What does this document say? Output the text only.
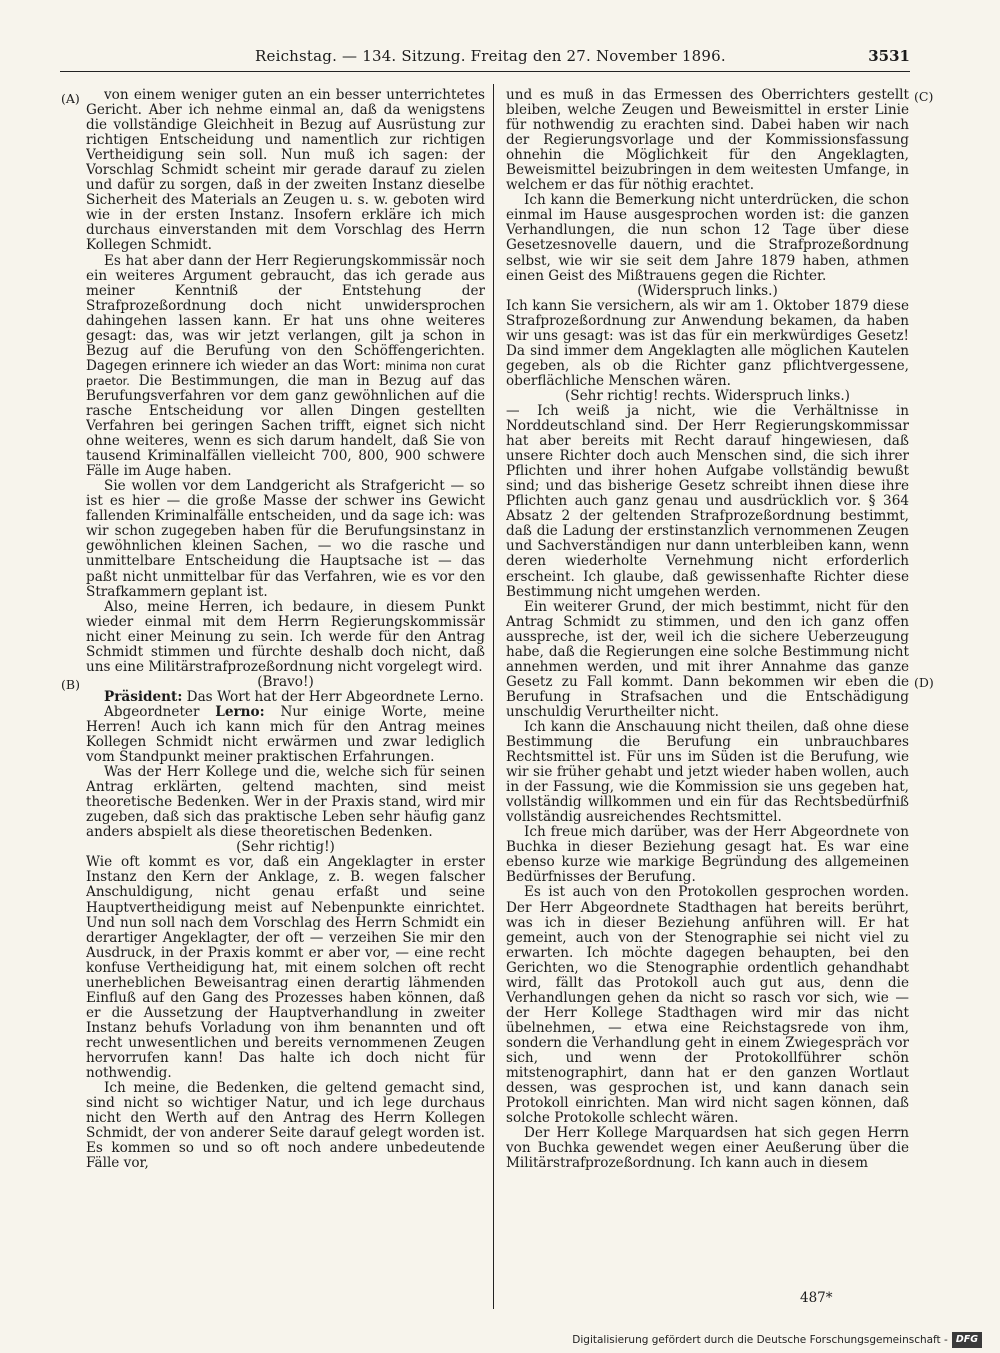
Reichstag. — 134. Sitzung. Freitag den 27. November 1896.	3531
(A)
(B)
(C)
(D)

von einem weniger guten an ein besser unterrichtetes Gericht. Aber ich nehme einmal an, daß da wenigstens die vollständige Gleichheit in Bezug auf Ausrüstung zur richtigen Entscheidung und namentlich zur richtigen Vertheidigung sein soll. Nun muß ich sagen: der Vorschlag Schmidt scheint mir gerade darauf zu zielen und dafür zu sorgen, daß in der zweiten Instanz dieselbe Sicherheit des Materials an Zeugen u. s. w. geboten wird wie in der ersten Instanz. Insofern erkläre ich mich durchaus einverstanden mit dem Vorschlag des Herrn Kollegen Schmidt.

Es hat aber dann der Herr Regierungskommissär noch ein weiteres Argument gebraucht, das ich gerade aus meiner Kenntniß der Entstehung der Strafprozeßordnung doch nicht unwidersprochen dahingehen lassen kann. Er hat uns ohne weiteres gesagt: das, was wir jetzt verlangen, gilt ja schon in Bezug auf die Berufung von den Schöffengerichten. Dagegen erinnere ich wieder an das Wort: minima non curat praetor. Die Bestimmungen, die man in Bezug auf das Berufungsverfahren vor dem ganz gewöhnlichen auf die rasche Entscheidung vor allen Dingen gestellten Verfahren bei geringen Sachen trifft, eignet sich nicht ohne weiteres, wenn es sich darum handelt, daß Sie von tausend Kriminalfällen vielleicht 700, 800, 900 schwere Fälle im Auge haben.

Sie wollen vor dem Landgericht als Strafgericht — so ist es hier — die große Masse der schwer ins Gewicht fallenden Kriminalfälle entscheiden, und da sage ich: was wir schon zugegeben haben für die Berufungsinstanz in gewöhnlichen kleinen Sachen, — wo die rasche und unmittelbare Entscheidung die Hauptsache ist — das paßt nicht unmittelbar für das Verfahren, wie es vor den Strafkammern geplant ist.

Also, meine Herren, ich bedaure, in diesem Punkt wieder einmal mit dem Herrn Regierungskommissär nicht einer Meinung zu sein. Ich werde für den Antrag Schmidt stimmen und fürchte deshalb doch nicht, daß uns eine Militärstrafprozeßordnung nicht vorgelegt wird.

(Bravo!)

Präsident: Das Wort hat der Herr Abgeordnete Lerno.

Abgeordneter Lerno: Nur einige Worte, meine Herren! Auch ich kann mich für den Antrag meines Kollegen Schmidt nicht erwärmen und zwar lediglich vom Standpunkt meiner praktischen Erfahrungen.

Was der Herr Kollege und die, welche sich für seinen Antrag erklärten, geltend machten, sind meist theoretische Bedenken. Wer in der Praxis stand, wird mir zugeben, daß sich das praktische Leben sehr häufig ganz anders abspielt als diese theoretischen Bedenken.

(Sehr richtig!)

Wie oft kommt es vor, daß ein Angeklagter in erster Instanz den Kern der Anklage, z. B. wegen falscher Anschuldigung, nicht genau erfaßt und seine Hauptvertheidigung meist auf Nebenpunkte einrichtet. Und nun soll nach dem Vorschlag des Herrn Schmidt ein derartiger Angeklagter, der oft — verzeihen Sie mir den Ausdruck, in der Praxis kommt er aber vor, — eine recht konfuse Vertheidigung hat, mit einem solchen oft recht unerheblichen Beweisantrag einen derartig lähmenden Einfluß auf den Gang des Prozesses haben können, daß er die Aussetzung der Hauptverhandlung in zweiter Instanz behufs Vorladung von ihm benannten und oft recht unwesentlichen und bereits vernommenen Zeugen hervorrufen kann! Das halte ich doch nicht für nothwendig.

Ich meine, die Bedenken, die geltend gemacht sind, sind nicht so wichtiger Natur, und ich lege durchaus nicht den Werth auf den Antrag des Herrn Kollegen Schmidt, der von anderer Seite darauf gelegt worden ist. Es kommen so und so oft noch andere unbedeutende Fälle vor,

und es muß in das Ermessen des Oberrichters gestellt bleiben, welche Zeugen und Beweismittel in erster Linie für nothwendig zu erachten sind. Dabei haben wir nach der Regierungsvorlage und der Kommissionsfassung ohnehin die Möglichkeit für den Angeklagten, Beweismittel beizubringen in dem weitesten Umfange, in welchem er das für nöthig erachtet.

Ich kann die Bemerkung nicht unterdrücken, die schon einmal im Hause ausgesprochen worden ist: die ganzen Verhandlungen, die nun schon 12 Tage über diese Gesetzesnovelle dauern, und die Strafprozeßordnung selbst, wie wir sie seit dem Jahre 1879 haben, athmen einen Geist des Mißtrauens gegen die Richter.

(Widerspruch links.)

Ich kann Sie versichern, als wir am 1. Oktober 1879 diese Strafprozeßordnung zur Anwendung bekamen, da haben wir uns gesagt: was ist das für ein merkwürdiges Gesetz! Da sind immer dem Angeklagten alle möglichen Kautelen gegeben, als ob die Richter ganz pflichtvergessene, oberflächliche Menschen wären.

(Sehr richtig! rechts. Widerspruch links.)

— Ich weiß ja nicht, wie die Verhältnisse in Norddeutschland sind. Der Herr Regierungskommissar hat aber bereits mit Recht darauf hingewiesen, daß unsere Richter doch auch Menschen sind, die sich ihrer Pflichten und ihrer hohen Aufgabe vollständig bewußt sind; und das bisherige Gesetz schreibt ihnen diese ihre Pflichten auch ganz genau und ausdrücklich vor. § 364 Absatz 2 der geltenden Strafprozeßordnung bestimmt, daß die Ladung der erstinstanzlich vernommenen Zeugen und Sachverständigen nur dann unterbleiben kann, wenn deren wiederholte Vernehmung nicht erforderlich erscheint. Ich glaube, daß gewissenhafte Richter diese Bestimmung nicht umgehen werden.

Ein weiterer Grund, der mich bestimmt, nicht für den Antrag Schmidt zu stimmen, und den ich ganz offen ausspreche, ist der, weil ich die sichere Ueberzeugung habe, daß die Regierungen eine solche Bestimmung nicht annehmen werden, und mit ihrer Annahme das ganze Gesetz zu Fall kommt. Dann bekommen wir eben die Berufung in Strafsachen und die Entschädigung unschuldig Verurtheilter nicht.

Ich kann die Anschauung nicht theilen, daß ohne diese Bestimmung die Berufung ein unbrauchbares Rechtsmittel ist. Für uns im Süden ist die Berufung, wie wir sie früher gehabt und jetzt wieder haben wollen, auch in der Fassung, wie die Kommission sie uns gegeben hat, vollständig willkommen und ein für das Rechtsbedürfniß vollständig ausreichendes Rechtsmittel.

Ich freue mich darüber, was der Herr Abgeordnete von Buchka in dieser Beziehung gesagt hat. Es war eine ebenso kurze wie markige Begründung des allgemeinen Bedürfnisses der Berufung.

Es ist auch von den Protokollen gesprochen worden. Der Herr Abgeordnete Stadthagen hat bereits berührt, was ich in dieser Beziehung anführen will. Er hat gemeint, auch von der Stenographie sei nicht viel zu erwarten. Ich möchte dagegen behaupten, bei den Gerichten, wo die Stenographie ordentlich gehandhabt wird, fällt das Protokoll auch gut aus, denn die Verhandlungen gehen da nicht so rasch vor sich, wie — der Herr Kollege Stadthagen wird mir das nicht übelnehmen, — etwa eine Reichstagsrede von ihm, sondern die Verhandlung geht in einem Zwiegespräch vor sich, und wenn der Protokollführer schön mitstenographirt, dann hat er den ganzen Wortlaut dessen, was gesprochen ist, und kann danach sein Protokoll einrichten. Man wird nicht sagen können, daß solche Protokolle schlecht wären.

Der Herr Kollege Marquardsen hat sich gegen Herrn von Buchka gewendet wegen einer Aeußerung über die Militärstrafprozeßordnung. Ich kann auch in diesem

487*
Digitalisierung gefördert durch die Deutsche Forschungsgemeinschaft - DFG
